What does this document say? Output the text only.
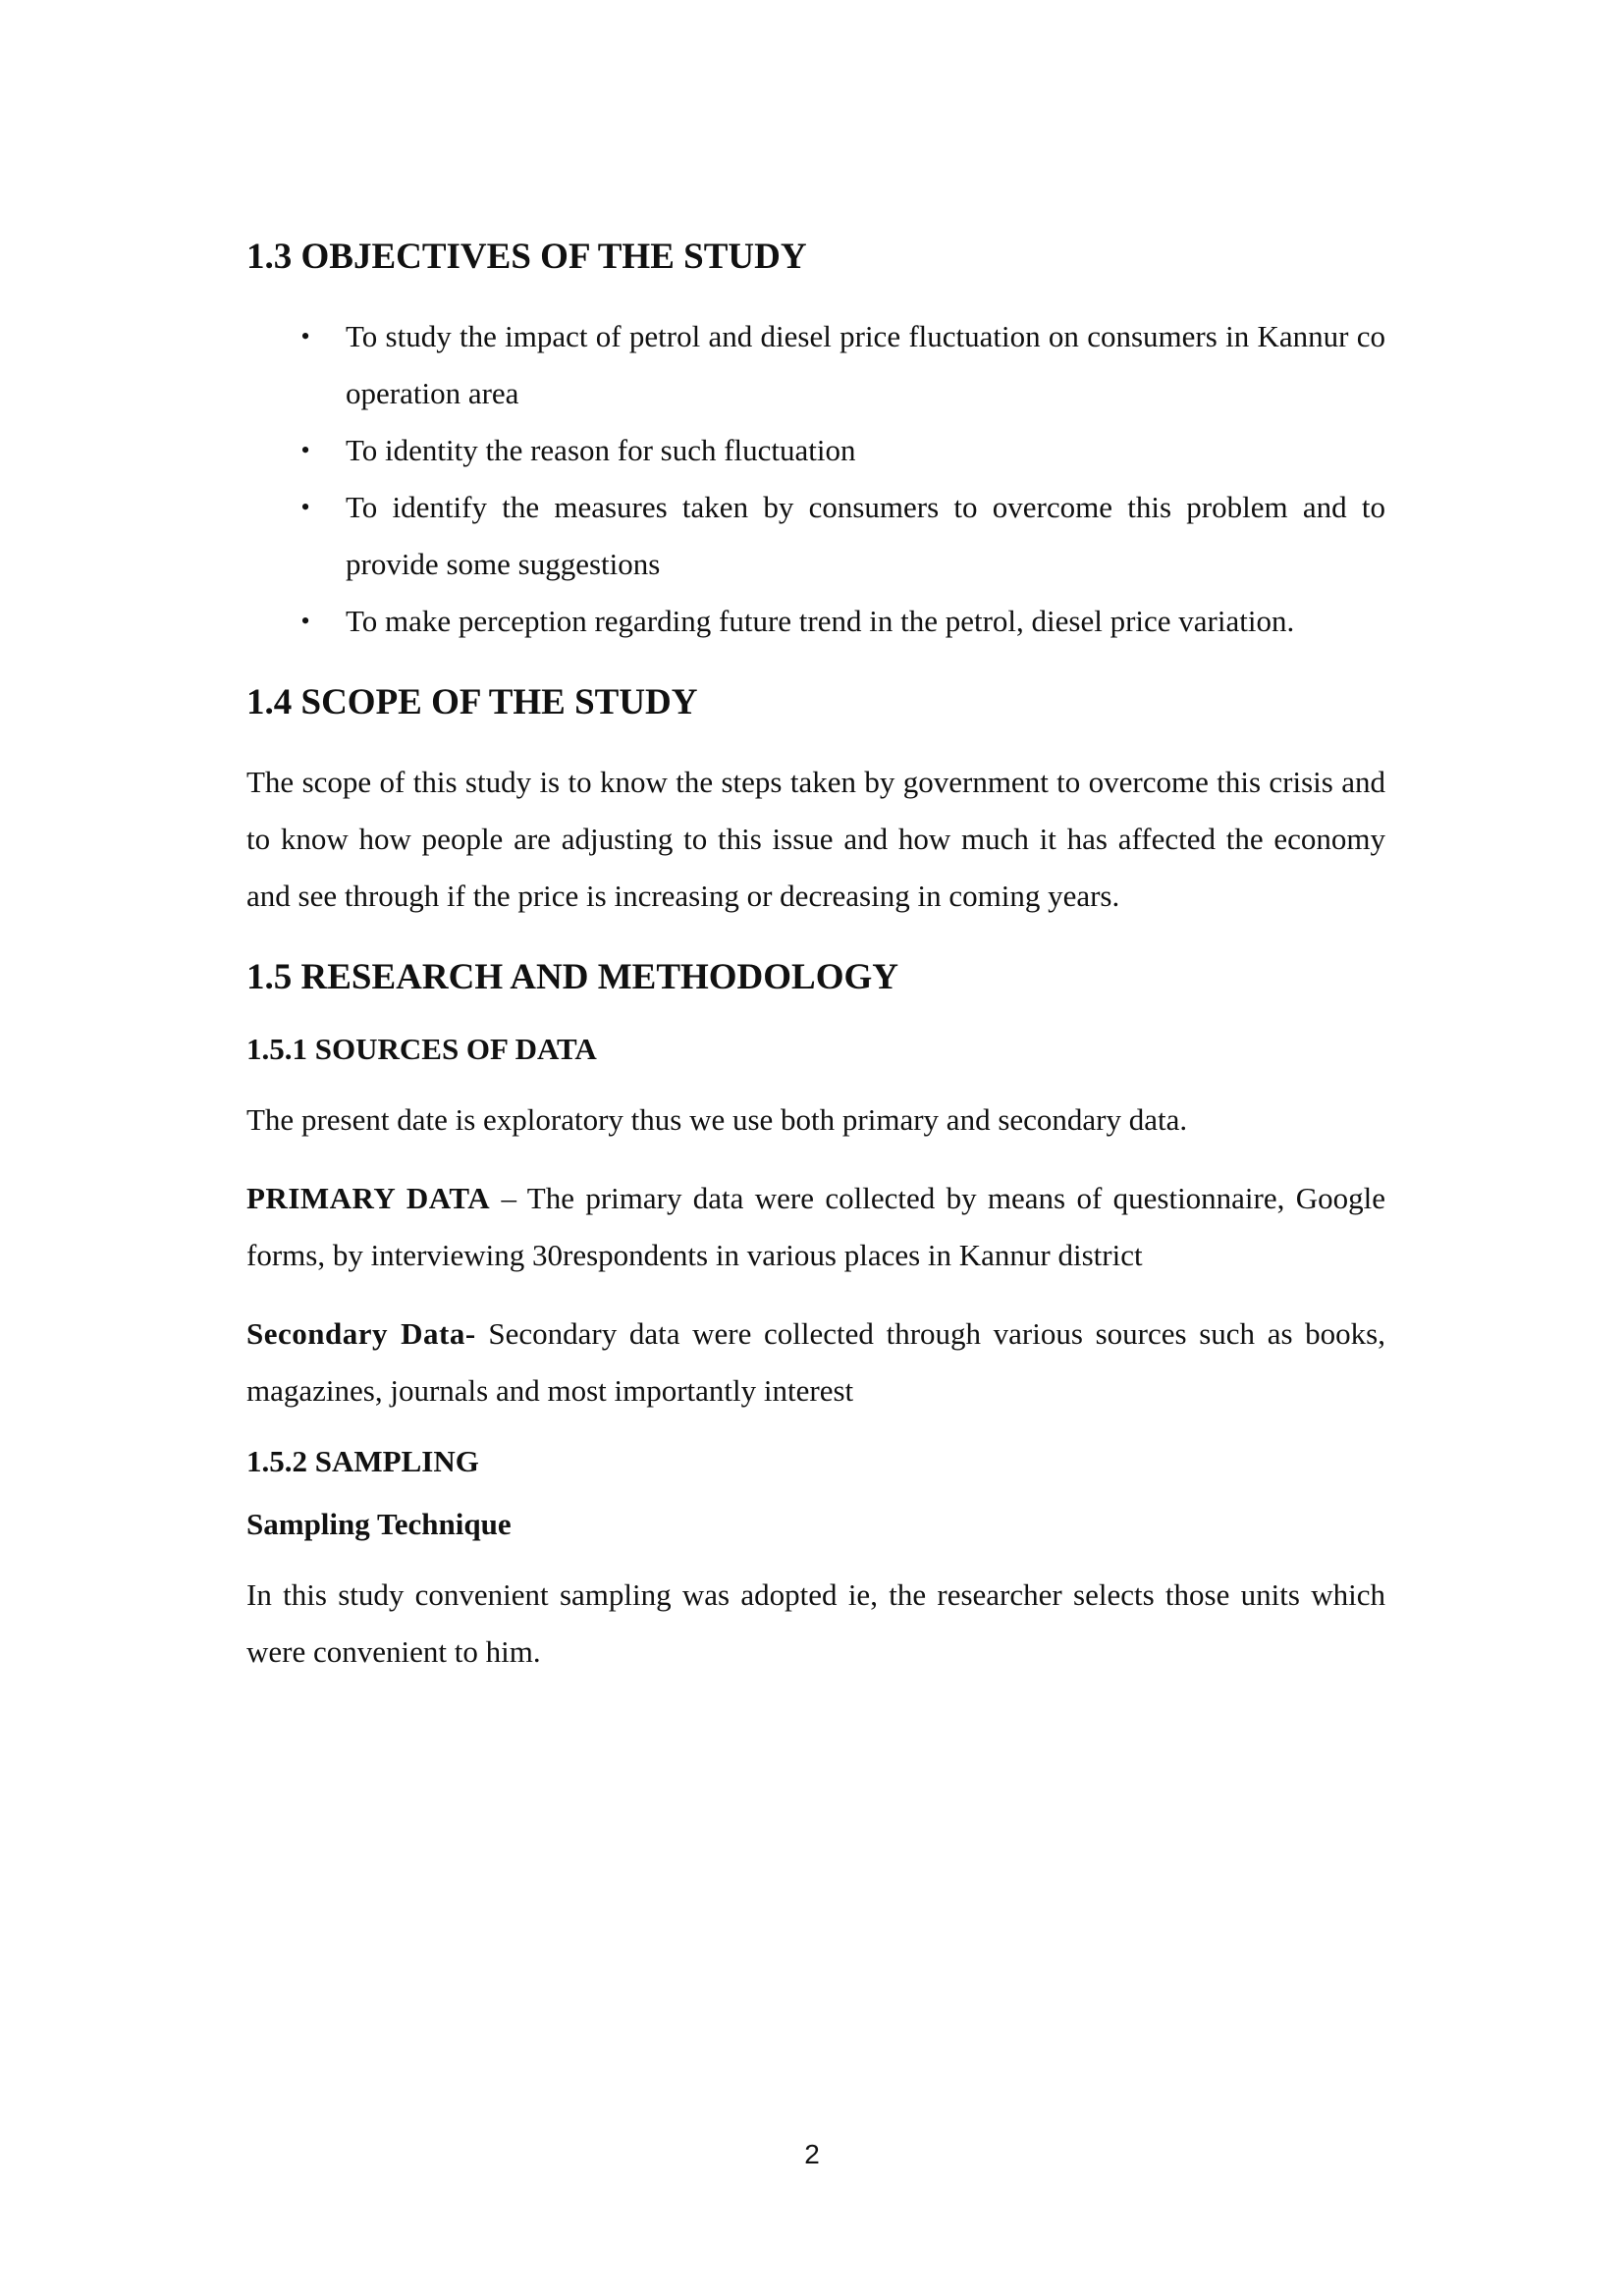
1.3 OBJECTIVES OF THE STUDY
• To study the impact of petrol and diesel price fluctuation on consumers in Kannur co operation area
• To identity the reason for such fluctuation
• To identify the measures taken by consumers to overcome this problem and to provide some suggestions
• To make perception regarding future trend in the petrol, diesel price variation.
1.4 SCOPE OF THE STUDY

The scope of this study is to know the steps taken by government to overcome this crisis and to know how people are adjusting to this issue and how much it has affected the economy and see through if the price is increasing or decreasing in coming years.

1.5 RESEARCH AND METHODOLOGY
1.5.1 SOURCES OF DATA

The present date is exploratory thus we use both primary and secondary data.

PRIMARY DATA – The primary data were collected by means of questionnaire, Google forms, by interviewing 30respondents in various places in Kannur district

Secondary Data- Secondary data were collected through various sources such as books, magazines, journals and most importantly interest

1.5.2 SAMPLING
Sampling Technique

In this study convenient sampling was adopted ie, the researcher selects those units which were convenient to him.

2
